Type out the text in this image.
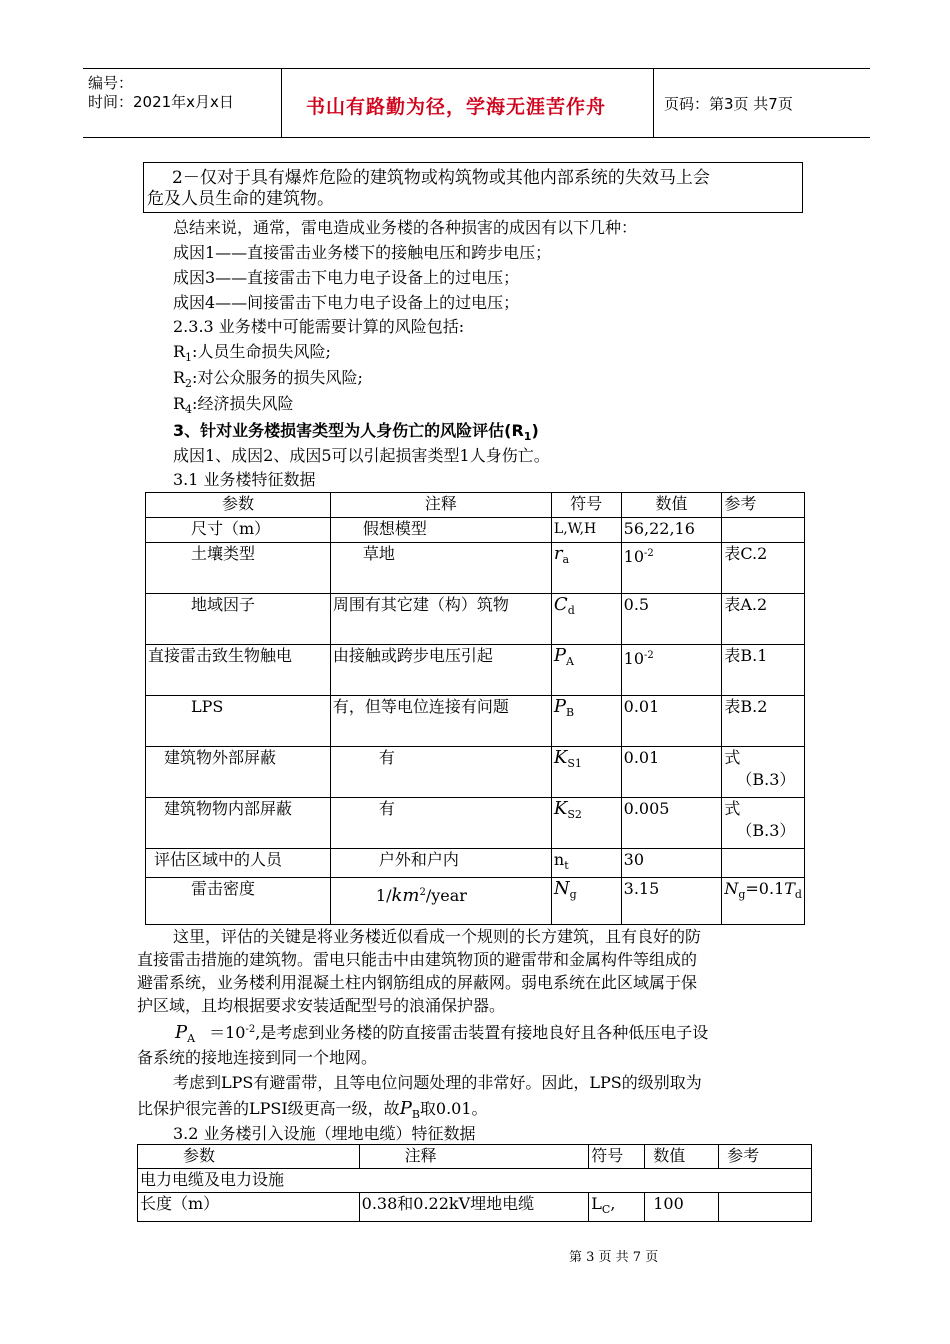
编号：
时间：2021年x月x日	书山有路勤为径，学海无涯苦作舟	页码：第3页 共7页
2－仅对于具有爆炸危险的建筑物或构筑物或其他内部系统的失效马上会
危及人员生命的建筑物。
总结来说，通常，雷电造成业务楼的各种损害的成因有以下几种：
成因1——直接雷击业务楼下的接触电压和跨步电压；
成因3——直接雷击下电力电子设备上的过电压；
成因4——间接雷击下电力电子设备上的过电压；
2.3.3 业务楼中可能需要计算的风险包括:
$R_1$:人员生命损失风险;
$R_2$:对公众服务的损失风险;
$R_4$:经济损失风险
3、针对业务楼损害类型为人身伤亡的风险评估$(R_1)$
成因1、成因2、成因5可以引起损害类型1人身伤亡。
3.1 业务楼特征数据
参数	注释	符号	数值	参考
尺寸（m）	假想模型	L,W,H	56,22,16	
土壤类型	草地	$r_a$	$10^{-2}$	表C.2
地域因子	周围有其它建（构）筑物	$C_d$	0.5	表A.2
直接雷击致生物触电	由接触或跨步电压引起	$P_A$	$10^{-2}$	表B.1
LPS	有，但等电位连接有问题	$P_B$	0.01	表B.2
建筑物外部屏蔽	有	$K_{S1}$	0.01	式
（B.3）

建筑物物内部屏蔽	有	$K_{S2}$	0.005	式
（B.3）

评估区域中的人员	户外和户内	$n_t$	30	
雷击密度	$1/km^2$/year	$N_g$	3.15	$N_g=0.1T_d$
这里，评估的关键是将业务楼近似看成一个规则的长方建筑，且有良好的防
直接雷击措施的建筑物。雷电只能击中由建筑物顶的避雷带和金属构件等组成的
避雷系统，业务楼利用混凝土柱内钢筋组成的屏蔽网。弱电系统在此区域属于保
护区域，且均根据要求安装适配型号的浪涌保护器。
$P_A =10^{-2}$,是考虑到业务楼的防直接雷击装置有接地良好且各种低压电子设
备系统的接地连接到同一个地网。
考虑到LPS有避雷带，且等电位问题处理的非常好。因此，LPS的级别取为
比保护很完善的LPSI级更高一级，故$P_B$取0.01。
3.2 业务楼引入设施（埋地电缆）特征数据
参数	注释	符号	数值	参考
电力电缆及电力设施				
长度（m）	0.38和0.22kV埋地电缆	$L_C$,	100	
第 3 页 共 7 页
